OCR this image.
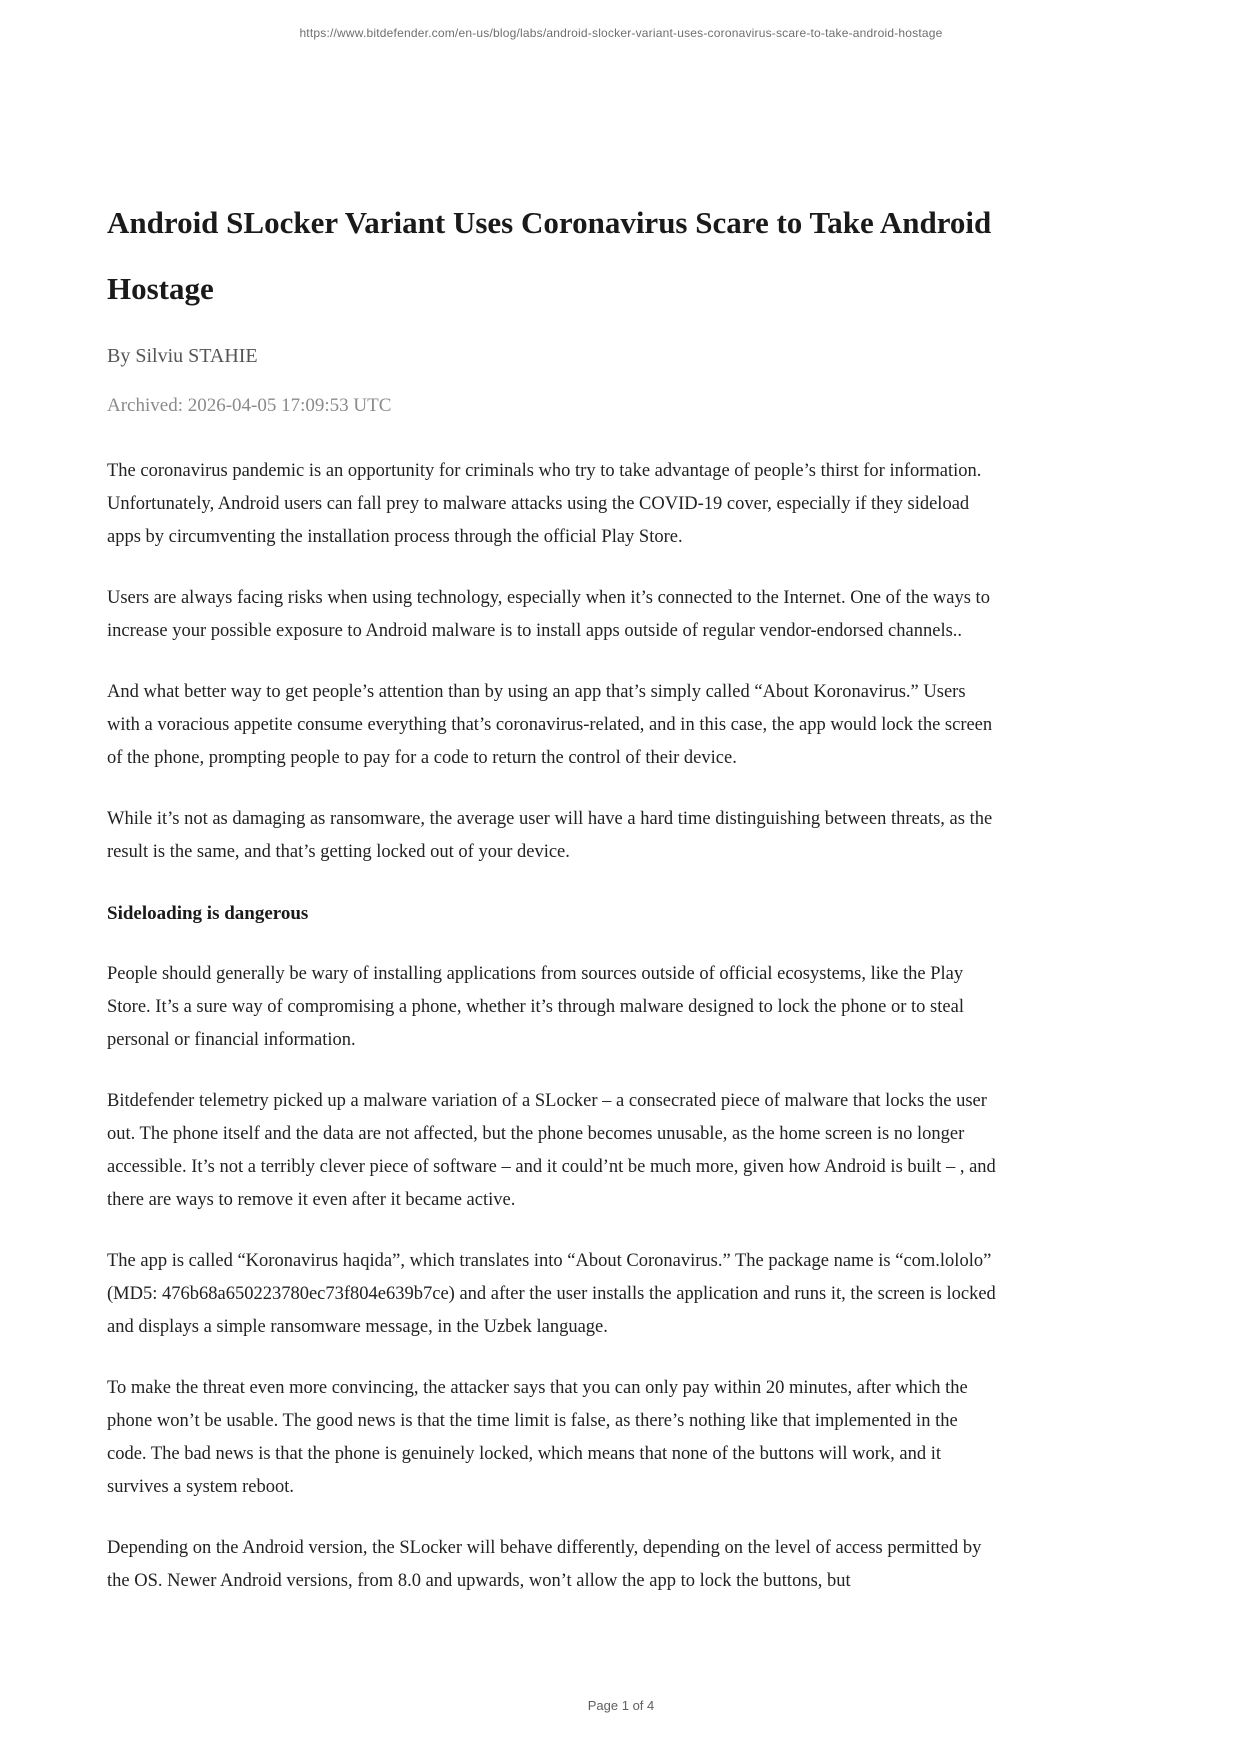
https://www.bitdefender.com/en-us/blog/labs/android-slocker-variant-uses-coronavirus-scare-to-take-android-hostage
Android SLocker Variant Uses Coronavirus Scare to Take Android Hostage
By Silviu STAHIE
Archived: 2026-04-05 17:09:53 UTC

The coronavirus pandemic is an opportunity for criminals who try to take advantage of people’s thirst for information. Unfortunately, Android users can fall prey to malware attacks using the COVID-19 cover, especially if they sideload apps by circumventing the installation process through the official Play Store.

Users are always facing risks when using technology, especially when it’s connected to the Internet. One of the ways to increase your possible exposure to Android malware is to install apps outside of regular vendor-endorsed channels..

And what better way to get people’s attention than by using an app that’s simply called “About Koronavirus.” Users with a voracious appetite consume everything that’s coronavirus-related, and in this case, the app would lock the screen of the phone, prompting people to pay for a code to return the control of their device.

While it’s not as damaging as ransomware, the average user will have a hard time distinguishing between threats, as the result is the same, and that’s getting locked out of your device.

Sideloading is dangerous

People should generally be wary of installing applications from sources outside of official ecosystems, like the Play Store. It’s a sure way of compromising a phone, whether it’s through malware designed to lock the phone or to steal personal or financial information.

Bitdefender telemetry picked up a malware variation of a SLocker – a consecrated piece of malware that locks the user out. The phone itself and the data are not affected, but the phone becomes unusable, as the home screen is no longer accessible. It’s not a terribly clever piece of software – and it could’nt be much more, given how Android is built – , and there are ways to remove it even after it became active.

The app is called “Koronavirus haqida”, which translates into “About Coronavirus.” The package name is “com.lololo” (MD5: 476b68a650223780ec73f804e639b7ce) and after the user installs the application and runs it, the screen is locked and displays a simple ransomware message, in the Uzbek language.

To make the threat even more convincing, the attacker says that you can only pay within 20 minutes, after which the phone won’t be usable. The good news is that the time limit is false, as there’s nothing like that implemented in the code. The bad news is that the phone is genuinely locked, which means that none of the buttons will work, and it survives a system reboot.

Depending on the Android version, the SLocker will behave differently, depending on the level of access permitted by the OS. Newer Android versions, from 8.0 and upwards, won’t allow the app to lock the buttons, but

Page 1 of 4
